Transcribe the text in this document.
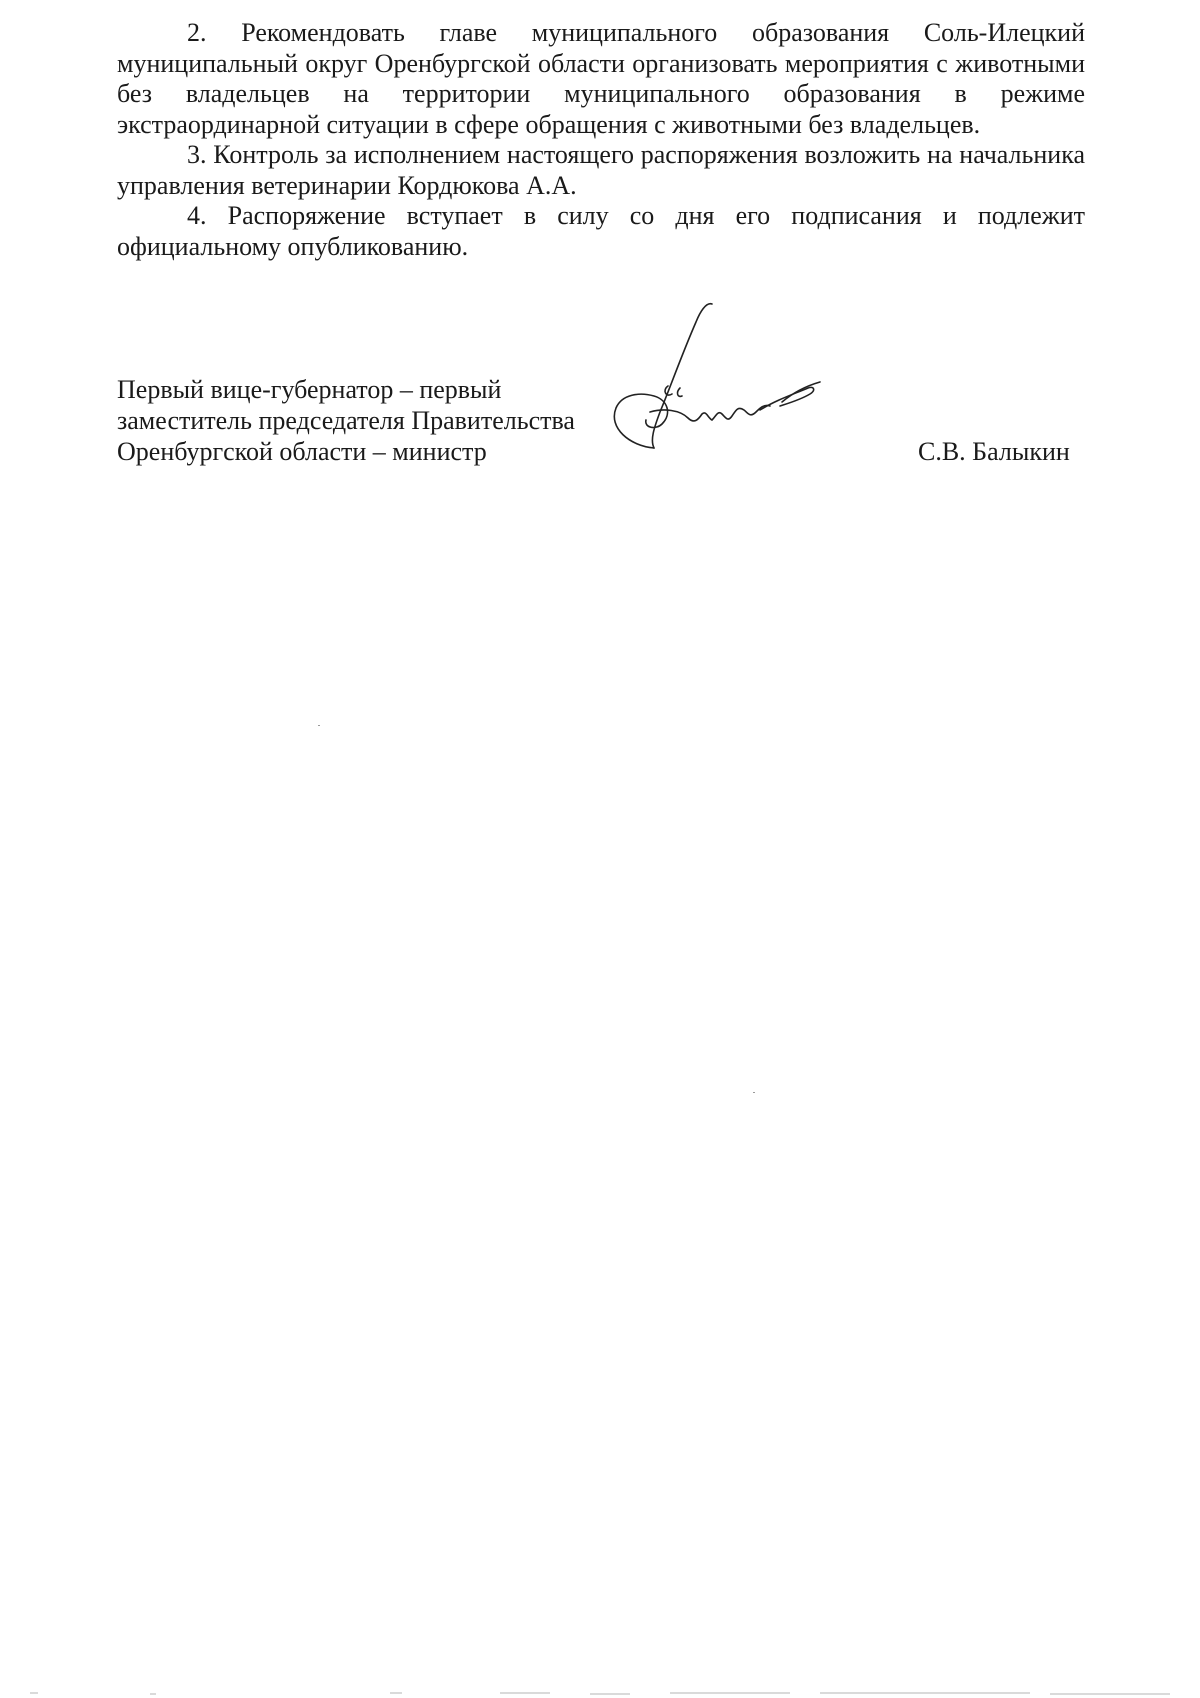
2. Рекомендовать главе муниципального образования Соль-Илецкий муниципальный округ Оренбургской области организовать мероприятия с животными без владельцев на территории муниципального образования в режиме экстраординарной ситуации в сфере обращения с животными без владельцев.

3. Контроль за исполнением настоящего распоряжения возложить на начальника управления ветеринарии Кордюкова А.А.

4. Распоряжение вступает в силу со дня его подписания и подлежит официальному опубликованию.

Первый вице-губернатор – первый
заместитель председателя Правительства
Оренбургской области – министр	С.В. Балыкин
